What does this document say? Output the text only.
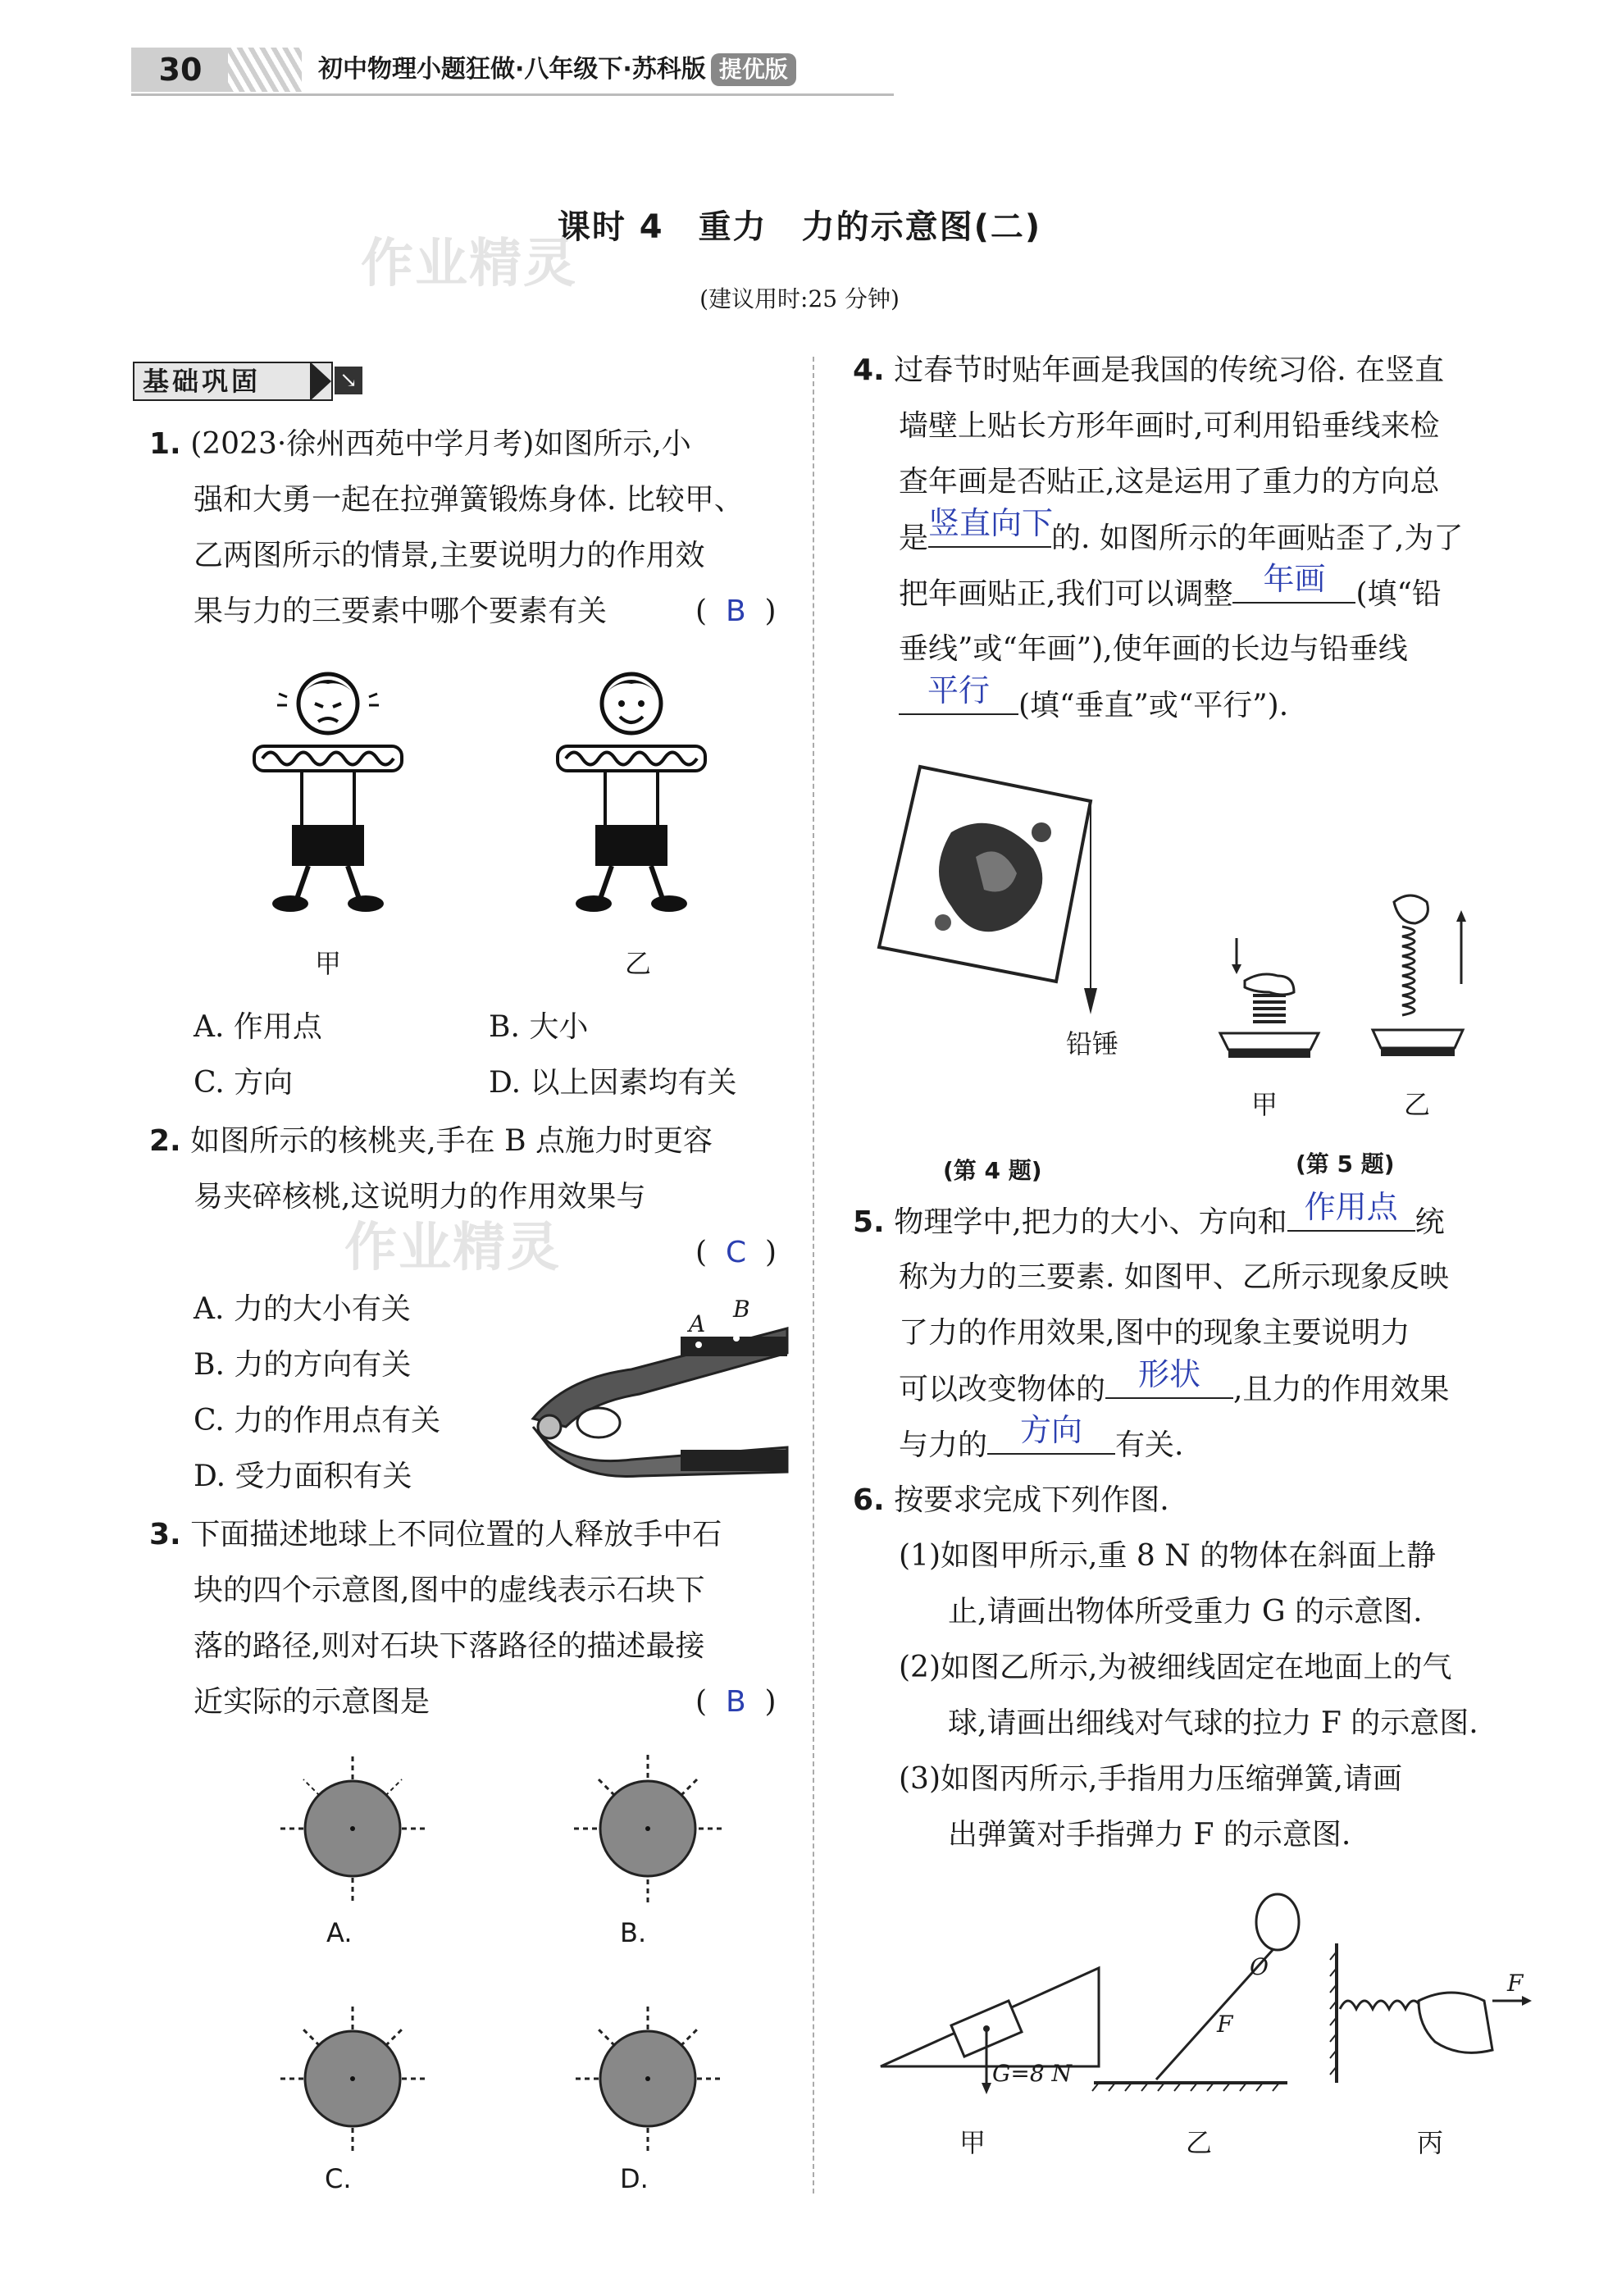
30	初中物理小题狂做·八年级下·苏科版 提优版
课时 4　重力　力的示意图(二)
作业精灵
(建议用时:25 分钟)
基础巩固	↘
1. (2023·徐州西苑中学月考)如图所示,小
强和大勇一起在拉弹簧锻炼身体. 比较甲、
乙两图所示的情景,主要说明力的作用效
果与力的三要素中哪个要素有关	(  B  )
甲	乙
A. 作用点	B. 大小
C. 方向	D. 以上因素均有关
2. 如图所示的核桃夹,手在 B 点施力时更容
易夹碎核桃,这说明力的作用效果与
作业精灵	(  C  )
A. 力的大小有关
B. 力的方向有关
C. 力的作用点有关
D. 受力面积有关
A
B
3. 下面描述地球上不同位置的人释放手中石
块的四个示意图,图中的虚线表示石块下
落的路径,则对石块下落路径的描述最接
近实际的示意图是	(  B  )
A.	B.
C.	D.
4. 过春节时贴年画是我国的传统习俗. 在竖直
墙壁上贴长方形年画时,可利用铅垂线来检
查年画是否贴正,这是运用了重力的方向总
是 竖直向下
的. 如图所示的年画贴歪了,为了
把年画贴正,我们可以调整 年画	(填“铅
垂线”或“年画”),使年画的长边与铅垂线
平行 (填“垂直”或“平行”).
铅锤
(第 4 题)
甲	乙
(第 5 题)
5. 物理学中,把力的大小、方向和 作用点 统
称为力的三要素. 如图甲、乙所示现象反映
了力的作用效果,图中的现象主要说明力
可以改变物体的	形状	,且力的作用效果
与力的	方向	有关.
6. 按要求完成下列作图.
(1)如图甲所示,重 8 N 的物体在斜面上静
止,请画出物体所受重力 G 的示意图.
(2)如图乙所示,为被细线固定在地面上的气
球,请画出细线对气球的拉力 F 的示意图.
(3)如图丙所示,手指用力压缩弹簧,请画
出弹簧对手指弹力 F 的示意图.
G=8 N
O
F
F
甲	乙	丙
